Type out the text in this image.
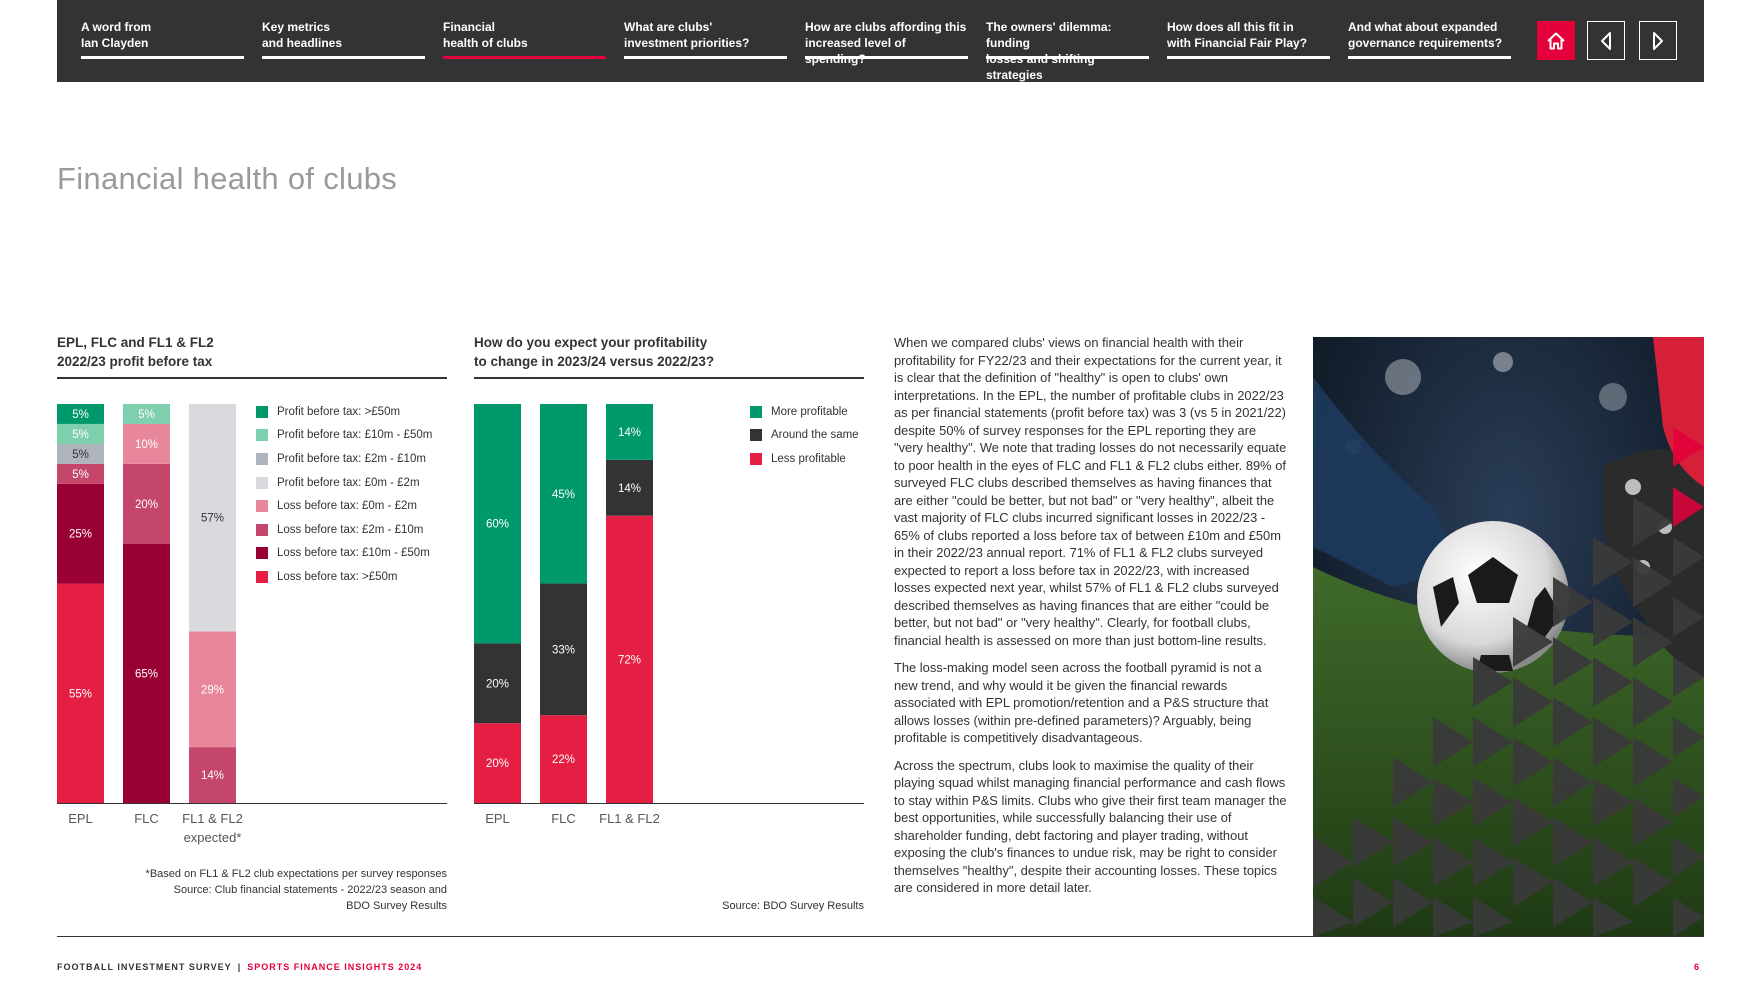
A word from
Ian Clayden
Key metrics
and headlines
Financial
health of clubs
What are clubs'
investment priorities?
How are clubs affording this
increased level of spending?
The owners' dilemma: funding
losses and shifting strategies
How does all this fit in
with Financial Fair Play?
And what about expanded
governance requirements?
Financial health of clubs
EPL, FLC and FL1 & FL2
2022/23 profit before tax
How do you expect your profitability
to change in 2023/24 versus 2022/23?
55%
25%
5%
5%
5%
5%
EPL
65%
20%
10%
5%
FLC
14%
29%
57%
FL1 & FL2
expected*
20%
20%
60%
EPL
22%
33%
45%
FLC
72%
14%
14%
FL1 & FL2
Profit before tax: >£50m
Profit before tax: £10m - £50m
Profit before tax: £2m - £10m
Profit before tax: £0m - £2m
Loss before tax: £0m - £2m
Loss before tax: £2m - £10m
Loss before tax: £10m - £50m
Loss before tax: >£50m
More profitable
Around the same
Less profitable
*Based on FL1 & FL2 club expectations per survey responses
Source: Club financial statements - 2022/23 season and
BDO Survey Results	Source: BDO Survey Results

When we compared clubs' views on financial health with their profitability for FY22/23 and their expectations for the current year, it is clear that the definition of "healthy" is open to clubs' own interpretations. In the EPL, the number of profitable clubs in 2022/23 as per financial statements (profit before tax) was 3 (vs 5 in 2021/22) despite 50% of survey responses for the EPL reporting they are "very healthy". We note that trading losses do not necessarily equate to poor health in the eyes of FLC and FL1 & FL2 clubs either. 89% of surveyed FLC clubs described themselves as having finances that are either "could be better, but not bad" or "very healthy", albeit the vast majority of FLC clubs incurred significant losses in 2022/23 - 65% of clubs reported a loss before tax of between £10m and £50m in their 2022/23 annual report. 71% of FL1 & FL2 clubs surveyed expected to report a loss before tax in 2022/23, with increased losses expected next year, whilst 57% of FL1 & FL2 clubs surveyed described themselves as having finances that are either "could be better, but not bad" or "very healthy". Clearly, for football clubs, financial health is assessed on more than just bottom-line results.

The loss-making model seen across the football pyramid is not a new trend, and why would it be given the financial rewards associated with EPL promotion/retention and a P&S structure that allows losses (within pre-defined parameters)? Arguably, being profitable is competitively disadvantageous.

Across the spectrum, clubs look to maximise the quality of their playing squad whilst managing financial performance and cash flows to stay within P&S limits. Clubs who give their first team manager the best opportunities, while successfully balancing their use of shareholder funding, debt factoring and player trading, without exposing the club's finances to undue risk, may be right to consider themselves "healthy", despite their accounting losses. These topics are considered in more detail later.

FOOTBALL INVESTMENT SURVEY | SPORTS FINANCE INSIGHTS 2024	6
